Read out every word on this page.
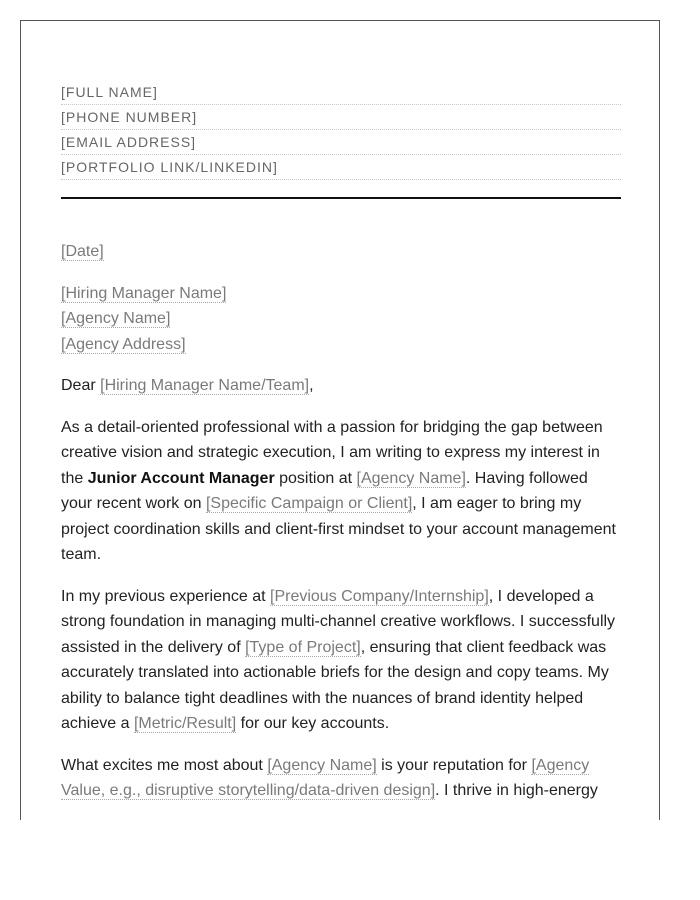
[FULL NAME]
[PHONE NUMBER]
[EMAIL ADDRESS]
[PORTFOLIO LINK/LINKEDIN]

[Date]

[Hiring Manager Name]
[Agency Name]
[Agency Address]

Dear [Hiring Manager Name/Team],

As a detail-oriented professional with a passion for bridging the gap between creative vision and strategic execution, I am writing to express my interest in the Junior Account Manager position at [Agency Name]. Having followed your recent work on [Specific Campaign or Client], I am eager to bring my project coordination skills and client-first mindset to your account management team.

In my previous experience at [Previous Company/Internship], I developed a strong foundation in managing multi-channel creative workflows. I successfully assisted in the delivery of [Type of Project], ensuring that client feedback was accurately translated into actionable briefs for the design and copy teams. My ability to balance tight deadlines with the nuances of brand identity helped achieve a [Metric/Result] for our key accounts.

What excites me most about [Agency Name] is your reputation for [Agency Value, e.g., disruptive storytelling/data-driven design]. I thrive in high-energy
